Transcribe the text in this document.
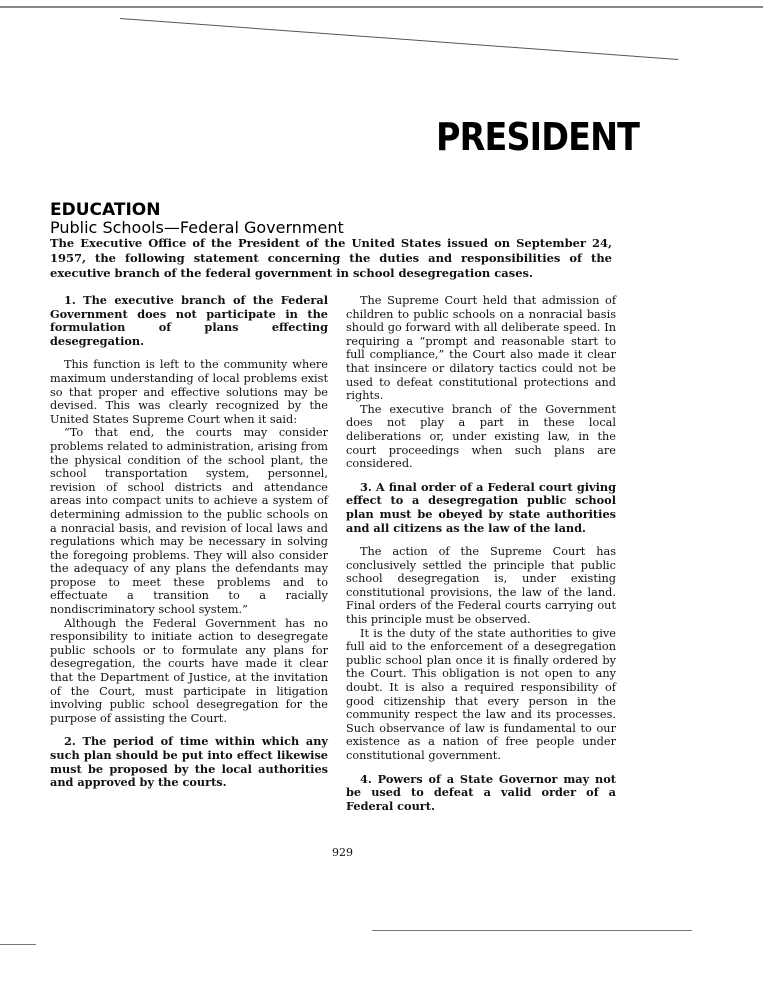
PRESIDENT
EDUCATION
Public Schools—Federal Government
The Executive Office of the President of the United States issued on September 24, 1957, the following statement concerning the duties and responsibilities of the executive branch of the federal government in school desegregation cases.

1. The executive branch of the Federal Government does not participate in the formulation of plans effecting desegregation.

This function is left to the community where maximum understanding of local problems exist so that proper and effective solutions may be devised. This was clearly recognized by the United States Supreme Court when it said:

“To that end, the courts may consider problems related to administration, arising from the physical condition of the school plant, the school transportation system, personnel, revision of school districts and attendance areas into compact units to achieve a system of determining admission to the public schools on a nonracial basis, and revision of local laws and regulations which may be necessary in solving the foregoing problems. They will also consider the adequacy of any plans the defendants may propose to meet these problems and to effectuate a transition to a racially nondiscriminatory school system.”

Although the Federal Government has no responsibility to initiate action to desegregate public schools or to formulate any plans for desegregation, the courts have made it clear that the Department of Justice, at the invitation of the Court, must participate in litigation involving public school desegregation for the purpose of assisting the Court.

2. The period of time within which any such plan should be put into effect likewise must be proposed by the local authorities and approved by the courts.

The Supreme Court held that admission of children to public schools on a nonracial basis should go forward with all deliberate speed. In requiring a “prompt and reasonable start to full compliance,” the Court also made it clear that insincere or dilatory tactics could not be used to defeat constitutional protections and rights.

The executive branch of the Government does not play a part in these local deliberations or, under existing law, in the court proceedings when such plans are considered.

3. A final order of a Federal court giving effect to a desegregation public school plan must be obeyed by state authorities and all citizens as the law of the land.

The action of the Supreme Court has conclusively settled the principle that public school desegregation is, under existing constitutional provisions, the law of the land. Final orders of the Federal courts carrying out this principle must be observed.

It is the duty of the state authorities to give full aid to the enforcement of a desegregation public school plan once it is finally ordered by the Court. This obligation is not open to any doubt. It is also a required responsibility of good citizenship that every person in the community respect the law and its processes. Such observance of law is fundamental to our existence as a nation of free people under constitutional government.

4. Powers of a State Governor may not be used to defeat a valid order of a Federal court.

929
